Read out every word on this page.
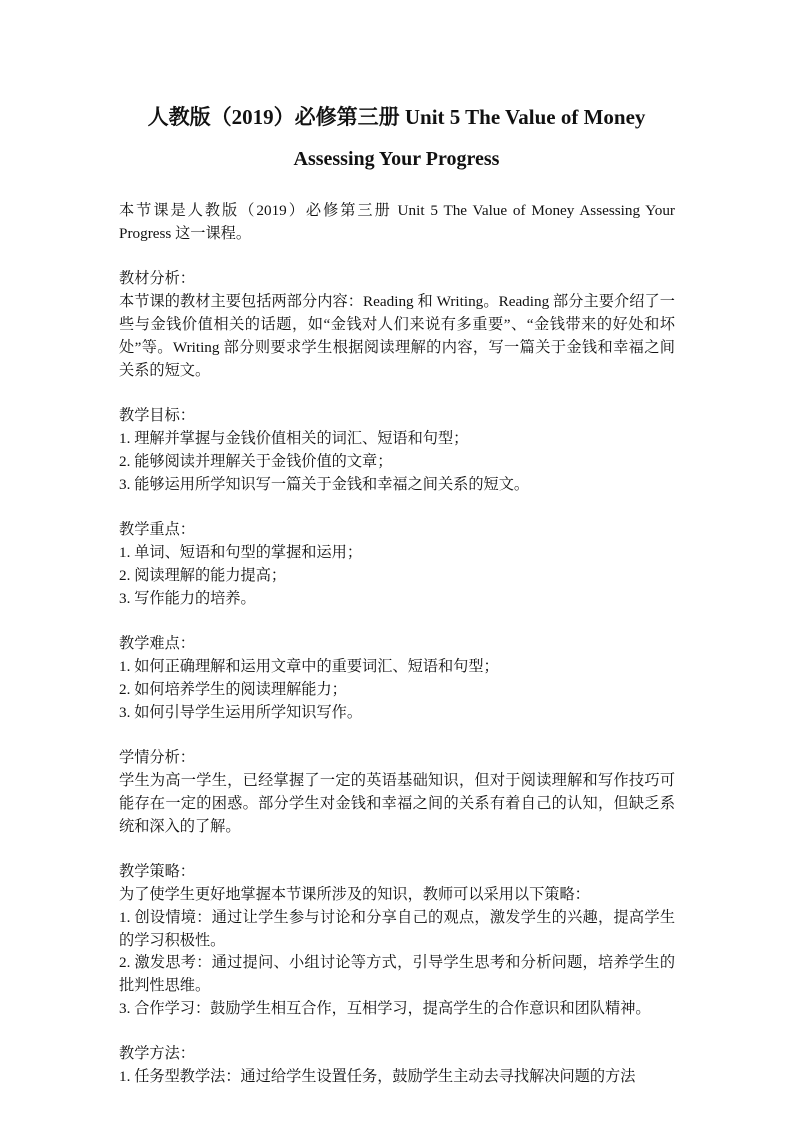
人教版（2019）必修第三册 Unit 5 The Value of Money
Assessing Your Progress

本节课是人教版（2019）必修第三册 Unit 5 The Value of Money Assessing Your Progress 这一课程。

教材分析：

本节课的教材主要包括两部分内容：Reading 和 Writing。Reading 部分主要介绍了一些与金钱价值相关的话题，如“金钱对人们来说有多重要”、“金钱带来的好处和坏处”等。Writing 部分则要求学生根据阅读理解的内容，写一篇关于金钱和幸福之间关系的短文。

教学目标：

1. 理解并掌握与金钱价值相关的词汇、短语和句型；

2. 能够阅读并理解关于金钱价值的文章；

3. 能够运用所学知识写一篇关于金钱和幸福之间关系的短文。

教学重点：

1. 单词、短语和句型的掌握和运用；

2. 阅读理解的能力提高；

3. 写作能力的培养。

教学难点：

1. 如何正确理解和运用文章中的重要词汇、短语和句型；

2. 如何培养学生的阅读理解能力；

3. 如何引导学生运用所学知识写作。

学情分析：

学生为高一学生，已经掌握了一定的英语基础知识，但对于阅读理解和写作技巧可能存在一定的困惑。部分学生对金钱和幸福之间的关系有着自己的认知，但缺乏系统和深入的了解。

教学策略：

为了使学生更好地掌握本节课所涉及的知识，教师可以采用以下策略：

1. 创设情境：通过让学生参与讨论和分享自己的观点，激发学生的兴趣，提高学生的学习积极性。

2. 激发思考：通过提问、小组讨论等方式，引导学生思考和分析问题，培养学生的批判性思维。

3. 合作学习：鼓励学生相互合作，互相学习，提高学生的合作意识和团队精神。

教学方法：

1. 任务型教学法：通过给学生设置任务，鼓励学生主动去寻找解决问题的方法
